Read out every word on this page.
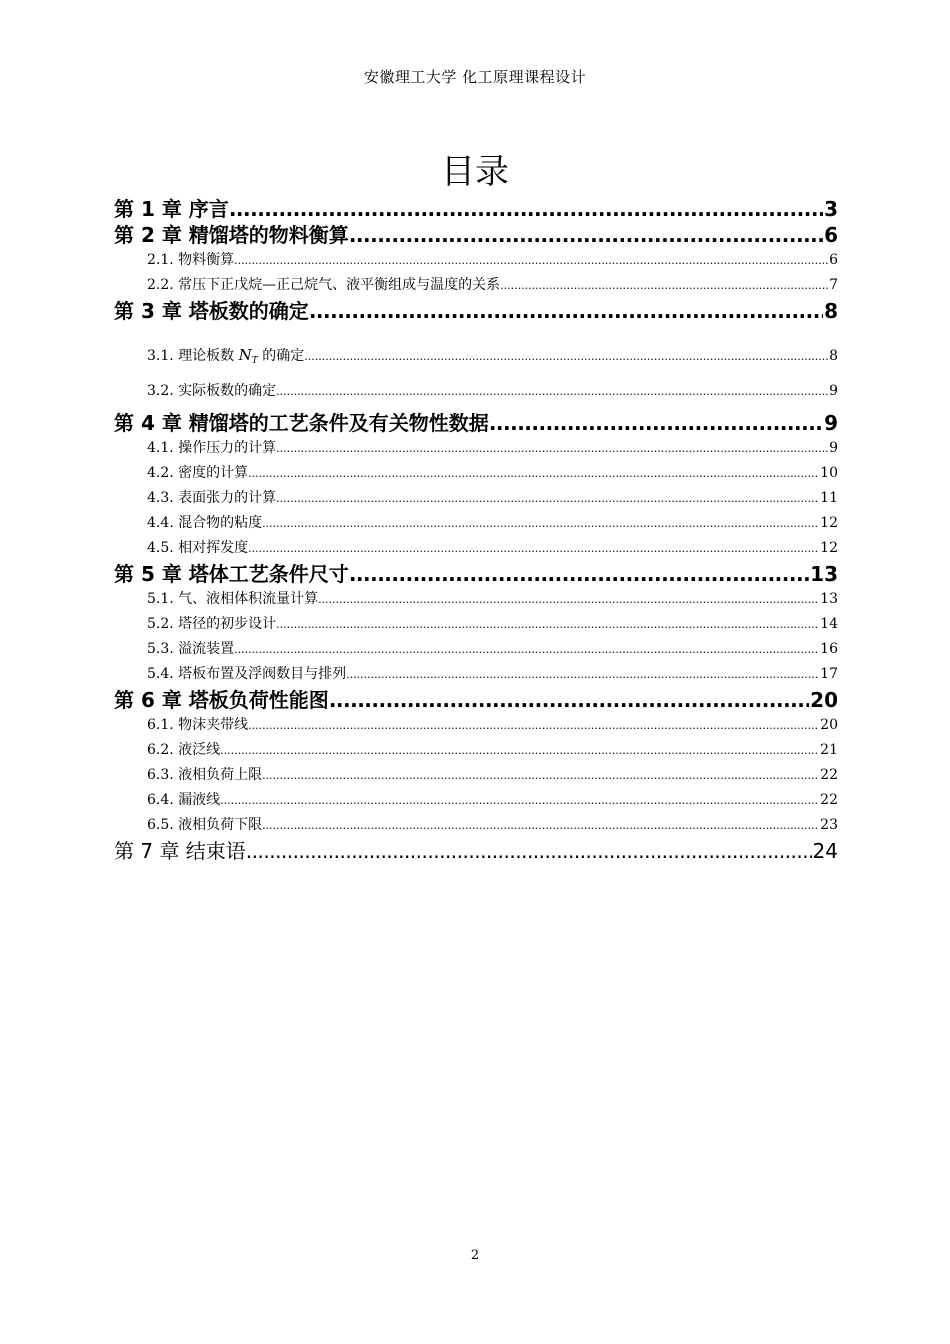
安徽理工大学 化工原理课程设计
目录
第 1 章 序言 .....	3
第 2 章 精馏塔的物料衡算 .....	6
2.1. 物料衡算 .....	6
2.2. 常压下正戊烷—正己烷气、液平衡组成与温度的关系 .....	7
第 3 章 塔板数的确定 .....	8
3.1. 理论板数 $N_T$ 的确定 .....	8
3.2. 实际板数的确定 .....	9
第 4 章 精馏塔的工艺条件及有关物性数据 .....	9
4.1. 操作压力的计算 .....	9
4.2. 密度的计算 .....	10
4.3. 表面张力的计算 .....	11
4.4. 混合物的粘度 .....	12
4.5. 相对挥发度 .....	12
第 5 章 塔体工艺条件尺寸 .....	13
5.1. 气、液相体积流量计算 .....	13
5.2. 塔径的初步设计 .....	14
5.3. 溢流装置 .....	16
5.4. 塔板布置及浮阀数目与排列 .....	17
第 6 章 塔板负荷性能图 .....	20
6.1. 物沫夹带线 .....	20
6.2. 液泛线 .....	21
6.3. 液相负荷上限 .....	22
6.4. 漏液线 .....	22
6.5. 液相负荷下限 .....	23
第 7 章 结束语 .....	24
2
